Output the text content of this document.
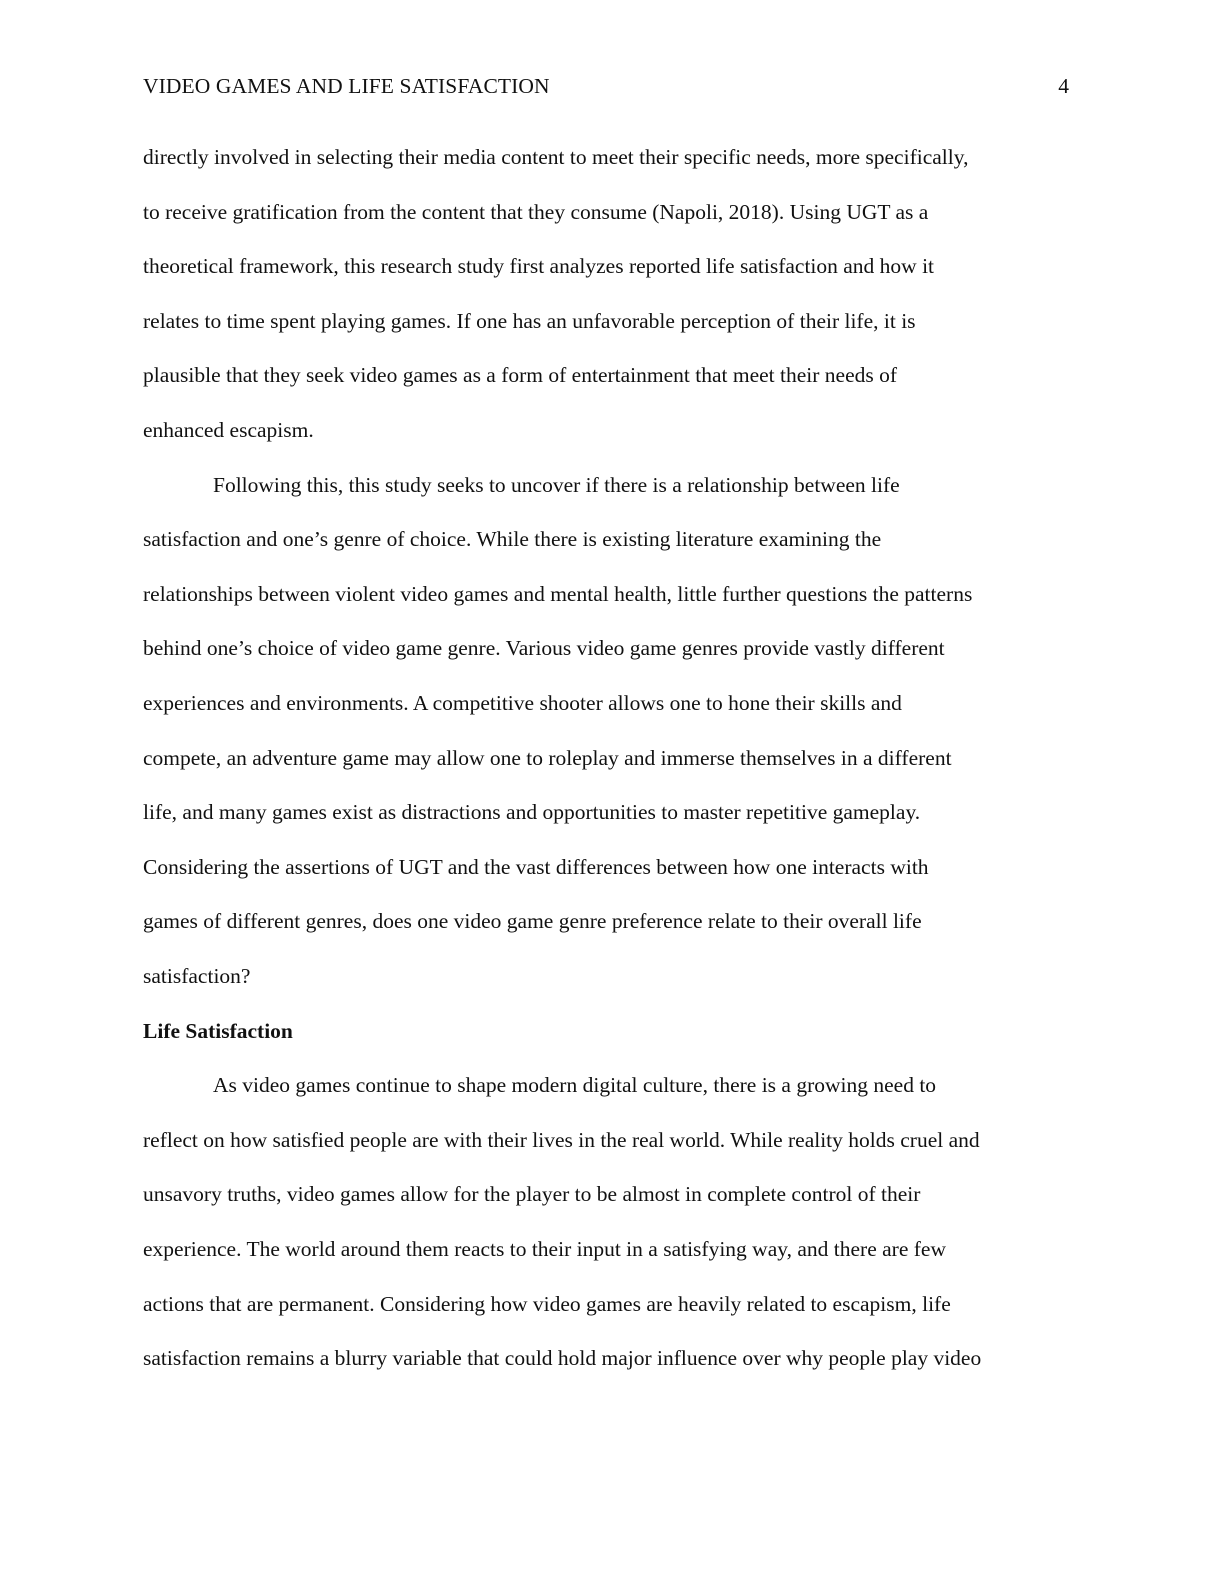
VIDEO GAMES AND LIFE SATISFACTION	4
directly involved in selecting their media content to meet their specific needs, more specifically,
to receive gratification from the content that they consume (Napoli, 2018). Using UGT as a
theoretical framework, this research study first analyzes reported life satisfaction and how it
relates to time spent playing games. If one has an unfavorable perception of their life, it is
plausible that they seek video games as a form of entertainment that meet their needs of
enhanced escapism.
Following this, this study seeks to uncover if there is a relationship between life
satisfaction and one’s genre of choice. While there is existing literature examining the
relationships between violent video games and mental health, little further questions the patterns
behind one’s choice of video game genre. Various video game genres provide vastly different
experiences and environments. A competitive shooter allows one to hone their skills and
compete, an adventure game may allow one to roleplay and immerse themselves in a different
life, and many games exist as distractions and opportunities to master repetitive gameplay.
Considering the assertions of UGT and the vast differences between how one interacts with
games of different genres, does one video game genre preference relate to their overall life
satisfaction?
Life Satisfaction
As video games continue to shape modern digital culture, there is a growing need to
reflect on how satisfied people are with their lives in the real world. While reality holds cruel and
unsavory truths, video games allow for the player to be almost in complete control of their
experience. The world around them reacts to their input in a satisfying way, and there are few
actions that are permanent. Considering how video games are heavily related to escapism, life
satisfaction remains a blurry variable that could hold major influence over why people play video
